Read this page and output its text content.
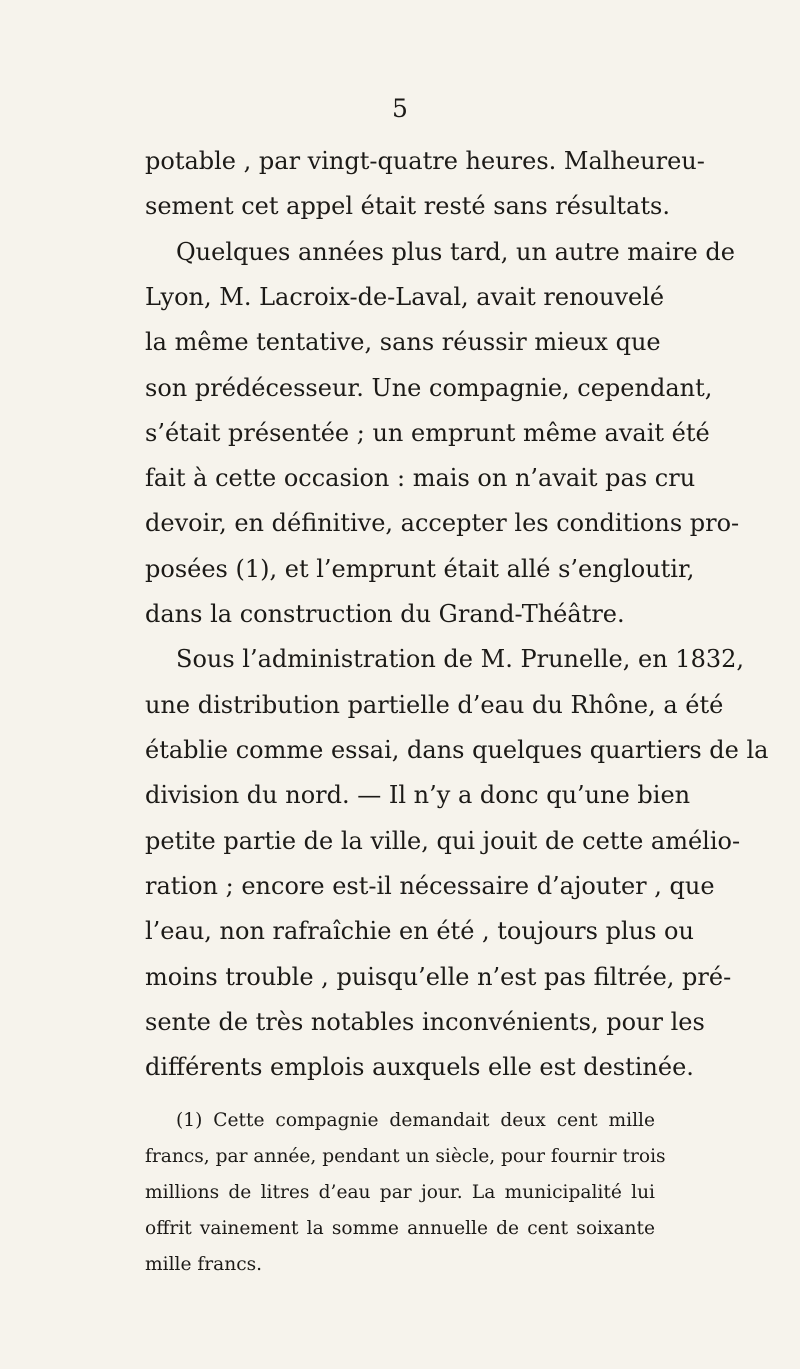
5
potable , par vingt-quatre heures. Malheureu-
sement cet appel était resté sans résultats.
Quelques années plus tard, un autre maire de
Lyon, M. Lacroix-de-Laval, avait renouvelé
la même tentative, sans réussir mieux que
son prédécesseur. Une compagnie, cependant,
s’était présentée ; un emprunt même avait été
fait à cette occasion : mais on n’avait pas cru
devoir, en définitive, accepter les conditions pro-
posées (1), et l’emprunt était allé s’engloutir,
dans la construction du Grand-Théâtre.
Sous l’administration de M. Prunelle, en 1832,
une distribution partielle d’eau du Rhône, a été
établie comme essai, dans quelques quartiers de la
division du nord. — Il n’y a donc qu’une bien
petite partie de la ville, qui jouit de cette amélio-
ration ; encore est-il nécessaire d’ajouter , que
l’eau, non rafraîchie en été , toujours plus ou
moins trouble , puisqu’elle n’est pas filtrée, pré-
sente de très notables inconvénients, pour les
différents emplois auxquels elle est destinée.
(1) Cette compagnie demandait deux cent mille
francs, par année, pendant un siècle, pour fournir trois
millions de litres d’eau par jour. La municipalité lui
offrit vainement la somme annuelle de cent soixante
mille francs.
